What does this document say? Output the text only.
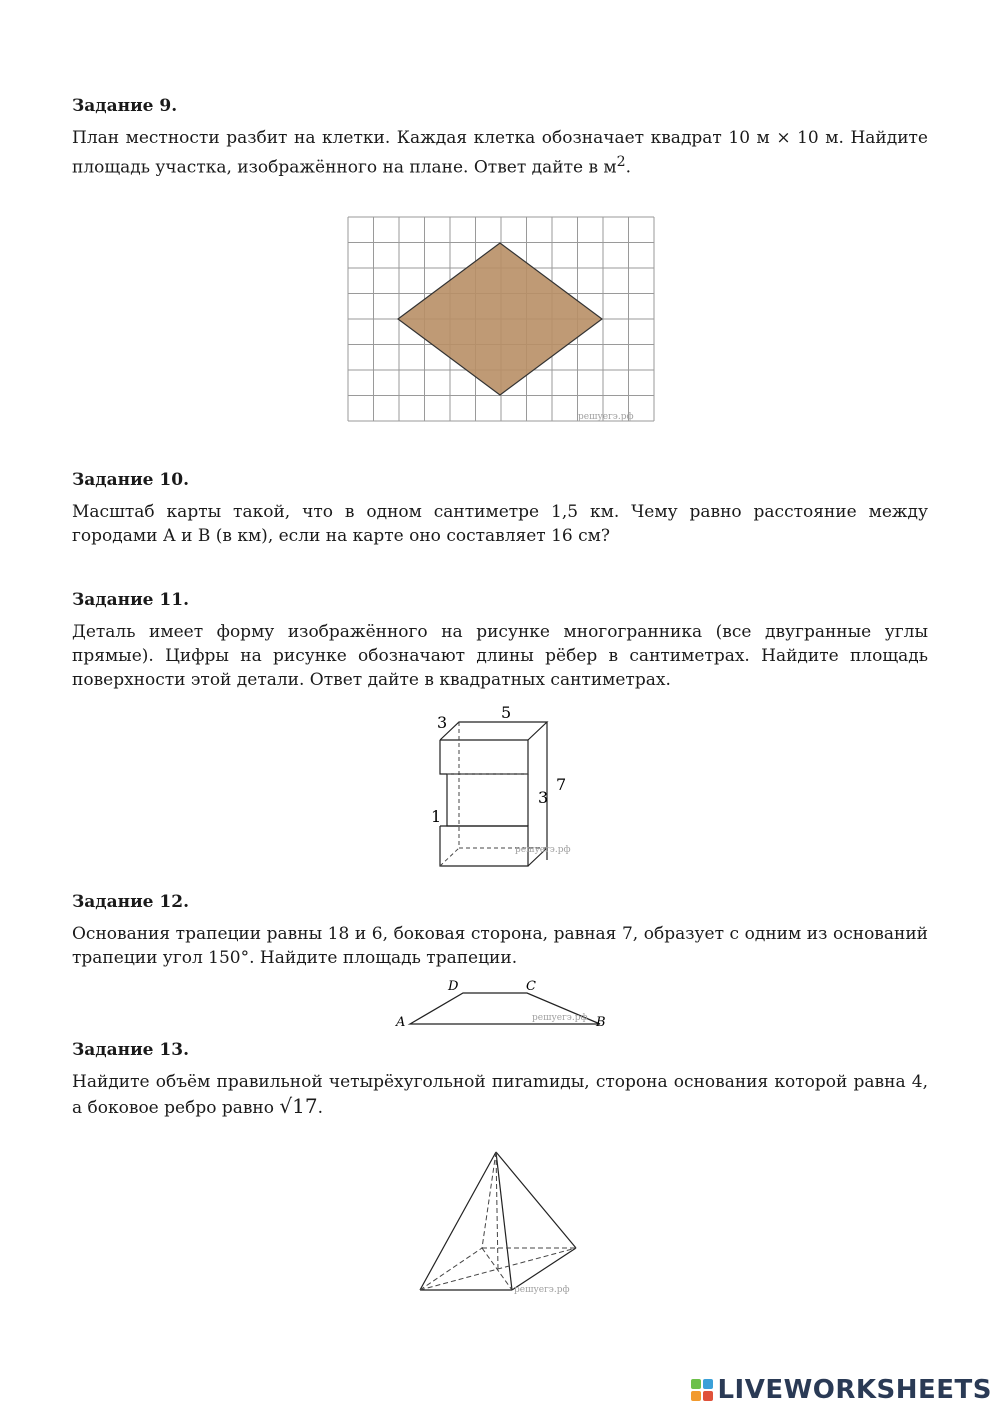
Задание 9.

План местности разбит на клетки. Каждая клетка обозначает квадрат 10 м × 10 м. Найдите площадь участка, изображённого на плане. Ответ дайте в $м^2$.

решуегэ.рф

Задание 10.

Масштаб карты такой, что в одном сантиметре 1,5 км. Чему равно расстояние между городами А и В (в км), если на карте оно составляет 16 см?

Задание 11.

Деталь имеет форму изображённого на рисунке многогранника (все двугранные углы прямые). Цифры на рисунке обозначают длины рёбер в сантиметрах. Найдите площадь поверхности этой детали. Ответ дайте в квадратных сантиметрах.

5
3
3
7
1
решуегэ.рф

Задание 12.

Основания трапеции равны 18 и 6, боковая сторона, равная 7, образует с одним из оснований трапеции угол 150°. Найдите площадь трапеции.

A	B
C
D
решуегэ.рф

Задание 13.

Найдите объём правильной четырёхугольной пиramиды, сторона основания которой равна 4, а боковое ребро равно √17.

решуегэ.рф
LIVEWORKSHEETS
